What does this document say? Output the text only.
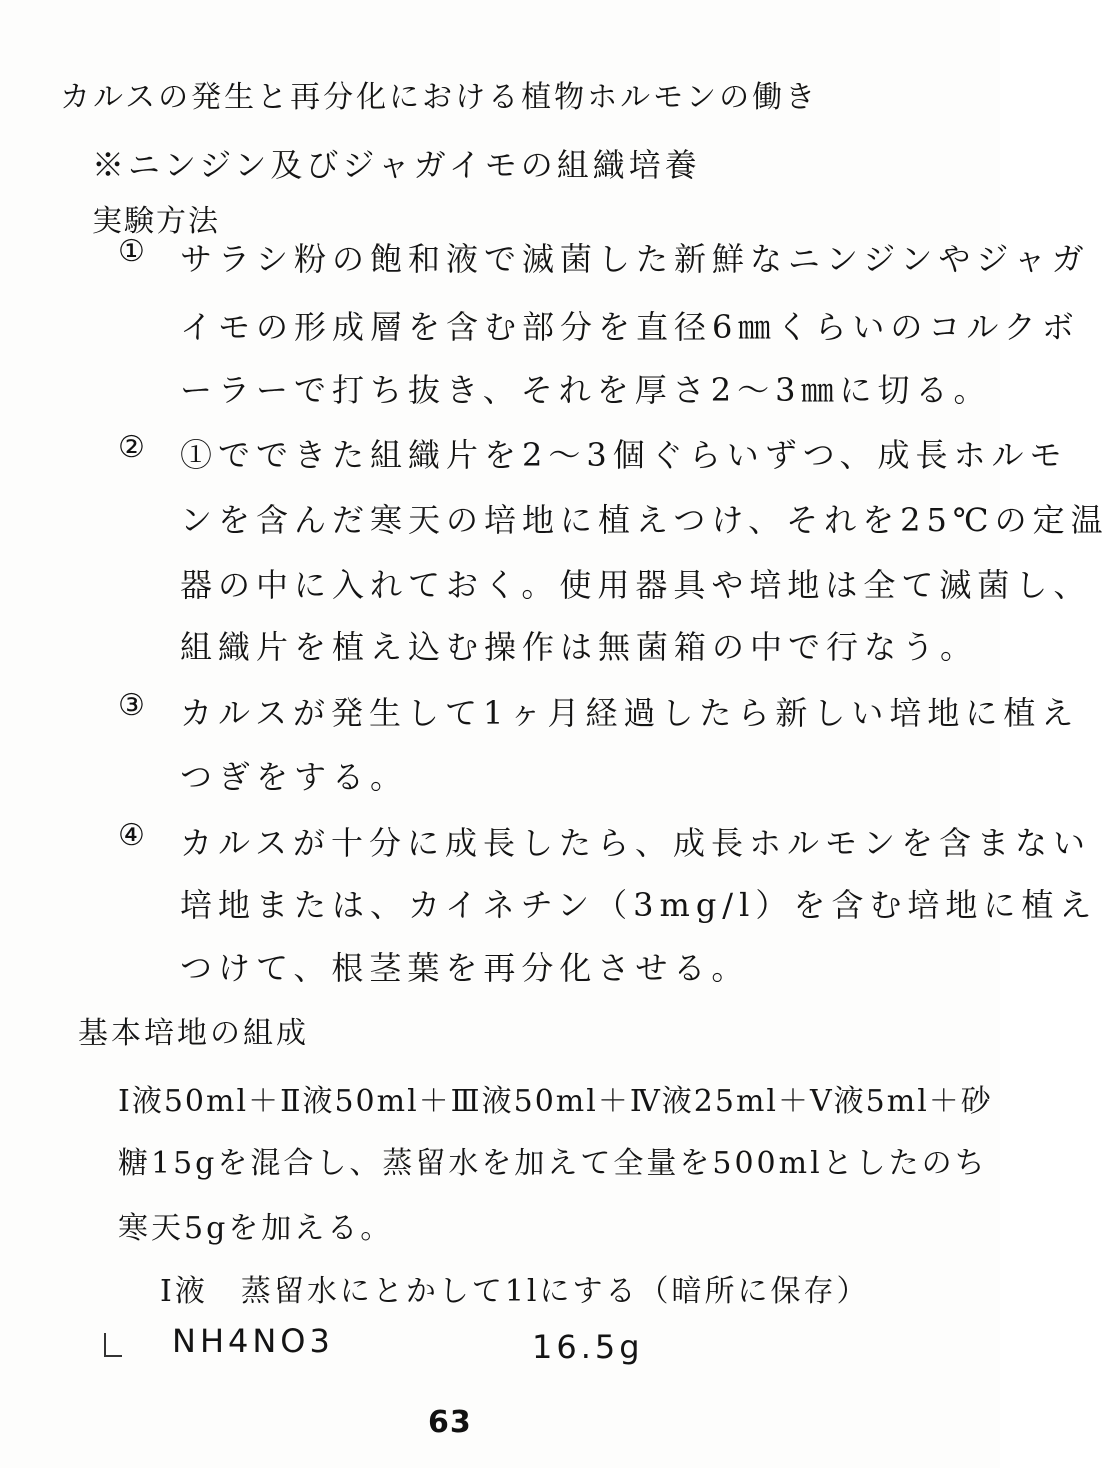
カルスの発生と再分化における植物ホルモンの働き
※ニンジン及びジャガイモの組織培養
実験方法
① サラシ粉の飽和液で滅菌した新鮮なニンジンやジャガ
イモの形成層を含む部分を直径6㎜くらいのコルクボ
ーラーで打ち抜き、それを厚さ2〜3㎜に切る。
② ①でできた組織片を2〜3個ぐらいずつ、成長ホルモ
ンを含んだ寒天の培地に植えつけ、それを25℃の定温
器の中に入れておく。使用器具や培地は全て滅菌し、
組織片を植え込む操作は無菌箱の中で行なう。
③ カルスが発生して1ヶ月経過したら新しい培地に植え
つぎをする。
④ カルスが十分に成長したら、成長ホルモンを含まない
培地または、カイネチン（3mg/l）を含む培地に植え
つけて、根茎葉を再分化させる。
基本培地の組成
Ⅰ液50ml＋Ⅱ液50ml＋Ⅲ液50ml＋Ⅳ液25ml＋Ⅴ液5ml＋砂
糖15gを混合し、蒸留水を加えて全量を500mlとしたのち
寒天5gを加える。
Ⅰ液　蒸留水にとかして1lにする（暗所に保存）
NH4NO3	16.5g
63
